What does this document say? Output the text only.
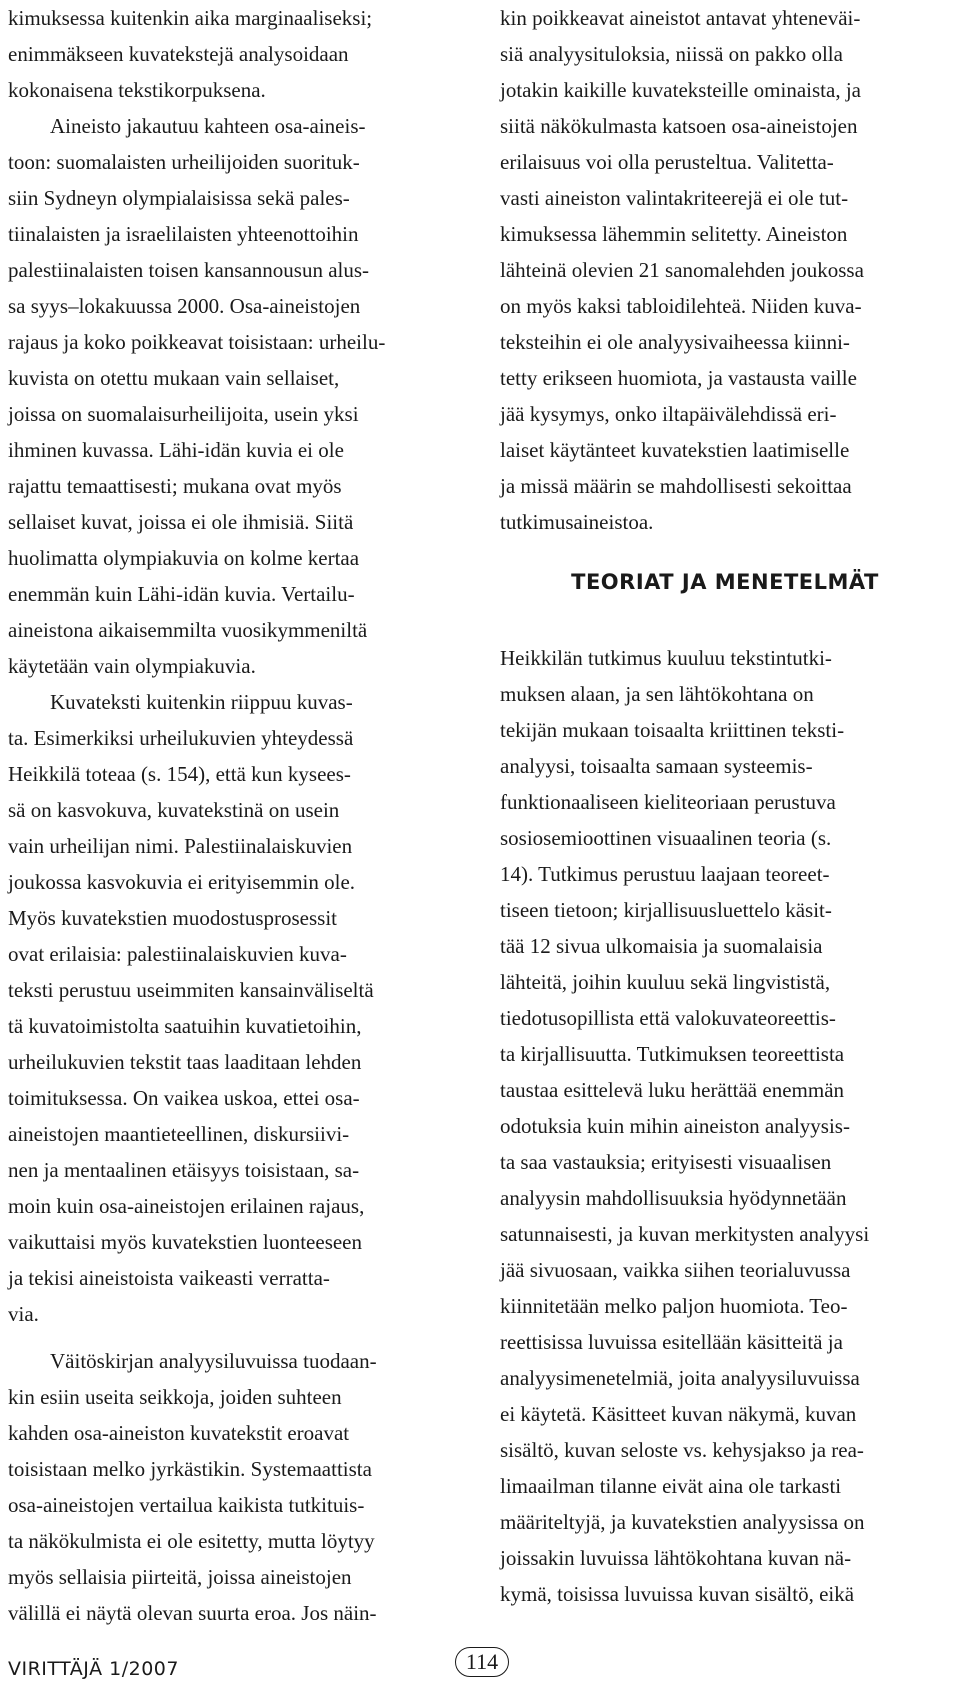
kimuksessa kuitenkin aika marginaaliseksi;
enimmäkseen kuvatekstejä analysoidaan
kokonaisena tekstikorpuksena.
Aineisto jakautuu kahteen osa-aineis-
toon: suomalaisten urheilijoiden suorituk-
siin Sydneyn olympialaisissa sekä pales-
tiinalaisten ja israelilaisten yhteenottoihin
palestiinalaisten toisen kansannousun alus-
sa syys–lokakuussa 2000. Osa-aineistojen
rajaus ja koko poikkeavat toisistaan: urheilu-
kuvista on otettu mukaan vain sellaiset,
joissa on suomalaisurheilijoita, usein yksi
ihminen kuvassa. Lähi-idän kuvia ei ole
rajattu temaattisesti; mukana ovat myös
sellaiset kuvat, joissa ei ole ihmisiä. Siitä
huolimatta olympiakuvia on kolme kertaa
enemmän kuin Lähi-idän kuvia. Vertailu-
aineistona aikaisemmilta vuosikymmeniltä
käytetään vain olympiakuvia.
Kuvateksti kuitenkin riippuu kuvas-
ta. Esimerkiksi urheilukuvien yhteydessä
Heikkilä toteaa (s. 154), että kun kysees-
sä on kasvokuva, kuvatekstinä on usein
vain urheilijan nimi. Palestiinalaiskuvien
joukossa kasvokuvia ei erityisemmin ole.
Myös kuvatekstien muodostusprosessit
ovat erilaisia: palestiinalaiskuvien kuva-
teksti perustuu useimmiten kansainväliseltä
tä kuvatoimistolta saatuihin kuvatietoihin,
urheilukuvien tekstit taas laaditaan lehden
toimituksessa. On vaikea uskoa, ettei osa-
aineistojen maantieteellinen, diskursiivi-
nen ja mentaalinen etäisyys toisistaan, sa-
moin kuin osa-aineistojen erilainen rajaus,
vaikuttaisi myös kuvatekstien luonteeseen
ja tekisi aineistoista vaikeasti verratta-
via.
Väitöskirjan analyysiluvuissa tuodaan-
kin esiin useita seikkoja, joiden suhteen
kahden osa-aineiston kuvatekstit eroavat
toisistaan melko jyrkästikin. Systemaattista
osa-aineistojen vertailua kaikista tutkituis-
ta näkökulmista ei ole esitetty, mutta löytyy
myös sellaisia piirteitä, joissa aineistojen
välillä ei näytä olevan suurta eroa. Jos näin-
kin poikkeavat aineistot antavat yhteneväi-
siä analyysituloksia, niissä on pakko olla
jotakin kaikille kuvateksteille ominaista, ja
siitä näkökulmasta katsoen osa-aineistojen
erilaisuus voi olla perusteltua. Valitetta-
vasti aineiston valintakriteerejä ei ole tut-
kimuksessa lähemmin selitetty. Aineiston
lähteinä olevien 21 sanomalehden joukossa
on myös kaksi tabloidilehteä. Niiden kuva-
teksteihin ei ole analyysivaiheessa kiinni-
tetty erikseen huomiota, ja vastausta vaille
jää kysymys, onko iltapäivälehdissä eri-
laiset käytänteet kuvatekstien laatimiselle
ja missä määrin se mahdollisesti sekoittaa
tutkimusaineistoa.
TEORIAT JA MENETELMÄT
Heikkilän tutkimus kuuluu tekstintutki-
muksen alaan, ja sen lähtökohtana on
tekijän mukaan toisaalta kriittinen teksti-
analyysi, toisaalta samaan systeemis-
funktionaaliseen kieliteoriaan perustuva
sosiosemioottinen visuaalinen teoria (s.
14). Tutkimus perustuu laajaan teoreet-
tiseen tietoon; kirjallisuusluettelo käsit-
tää 12 sivua ulkomaisia ja suomalaisia
lähteitä, joihin kuuluu sekä lingvististä,
tiedotusopillista että valokuvateoreettis-
ta kirjallisuutta. Tutkimuksen teoreettista
taustaa esittelevä luku herättää enemmän
odotuksia kuin mihin aineiston analyysis-
ta saa vastauksia; erityisesti visuaalisen
analyysin mahdollisuuksia hyödynnetään
satunnaisesti, ja kuvan merkitysten analyysi
jää sivuosaan, vaikka siihen teorialuvussa
kiinnitetään melko paljon huomiota. Teo-
reettisissa luvuissa esitellään käsitteitä ja
analyysimenetelmiä, joita analyysiluvuissa
ei käytetä. Käsitteet kuvan näkymä, kuvan
sisältö, kuvan seloste vs. kehysjakso ja rea-
limaailman tilanne eivät aina ole tarkasti
määriteltyjä, ja kuvatekstien analyysissa on
joissakin luvuissa lähtökohtana kuvan nä-
kymä, toisissa luvuissa kuvan sisältö, eikä
VIRITTÄJÄ 1/2007	114
